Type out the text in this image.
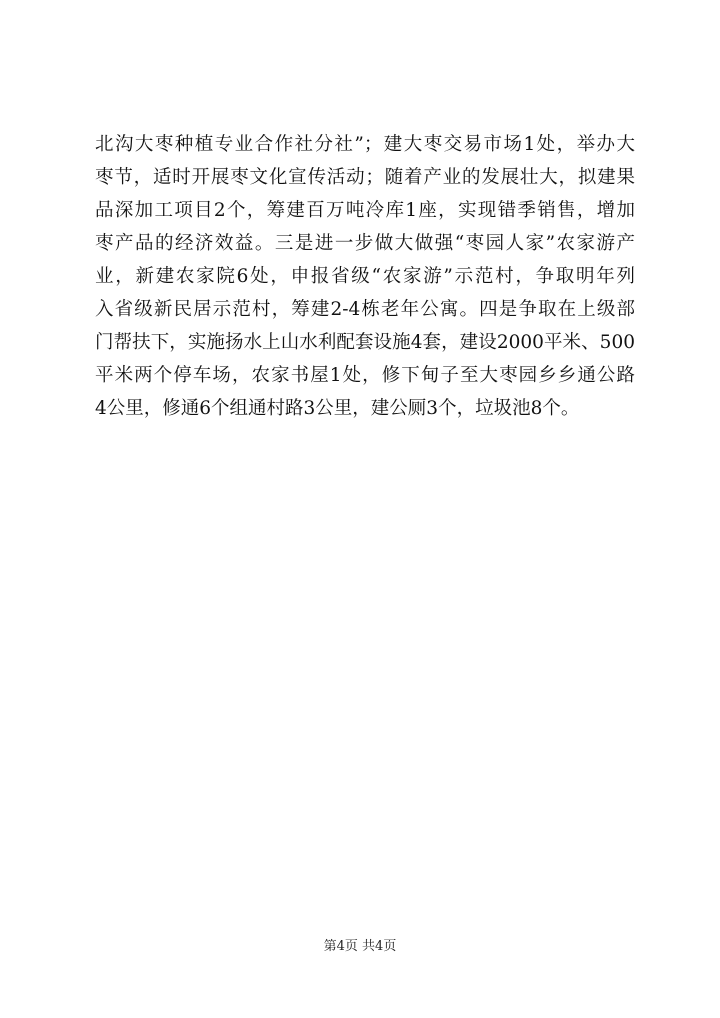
北沟大枣种植专业合作社分社”；建大枣交易市场1处，举办大
枣节，适时开展枣文化宣传活动；随着产业的发展壮大，拟建果
品深加工项目2个，筹建百万吨冷库1座，实现错季销售，增加
枣产品的经济效益。三是进一步做大做强“枣园人家”农家游产
业，新建农家院6处，申报省级“农家游”示范村，争取明年列
入省级新民居示范村，筹建2-4栋老年公寓。四是争取在上级部
门帮扶下，实施扬水上山水利配套设施4套，建设2000平米、500
平米两个停车场，农家书屋1处，修下甸子至大枣园乡乡通公路
4公里，修通6个组通村路3公里，建公厕3个，垃圾池8个。
第4页 共4页
